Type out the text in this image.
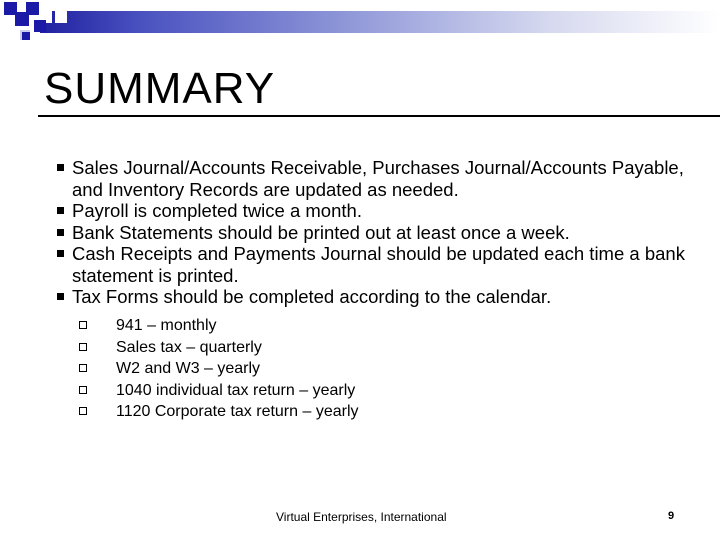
SUMMARY
Sales Journal/Accounts Receivable, Purchases Journal/Accounts Payable, and Inventory Records are updated as needed.
Payroll is completed twice a month.
Bank Statements should be printed out at least once a week.
Cash Receipts and Payments Journal should be updated each time a bank statement is printed.
Tax Forms should be completed according to the calendar.
941 – monthly
Sales tax – quarterly
W2 and W3 – yearly
1040 individual tax return – yearly
1120 Corporate tax return – yearly
Virtual Enterprises, International	9
